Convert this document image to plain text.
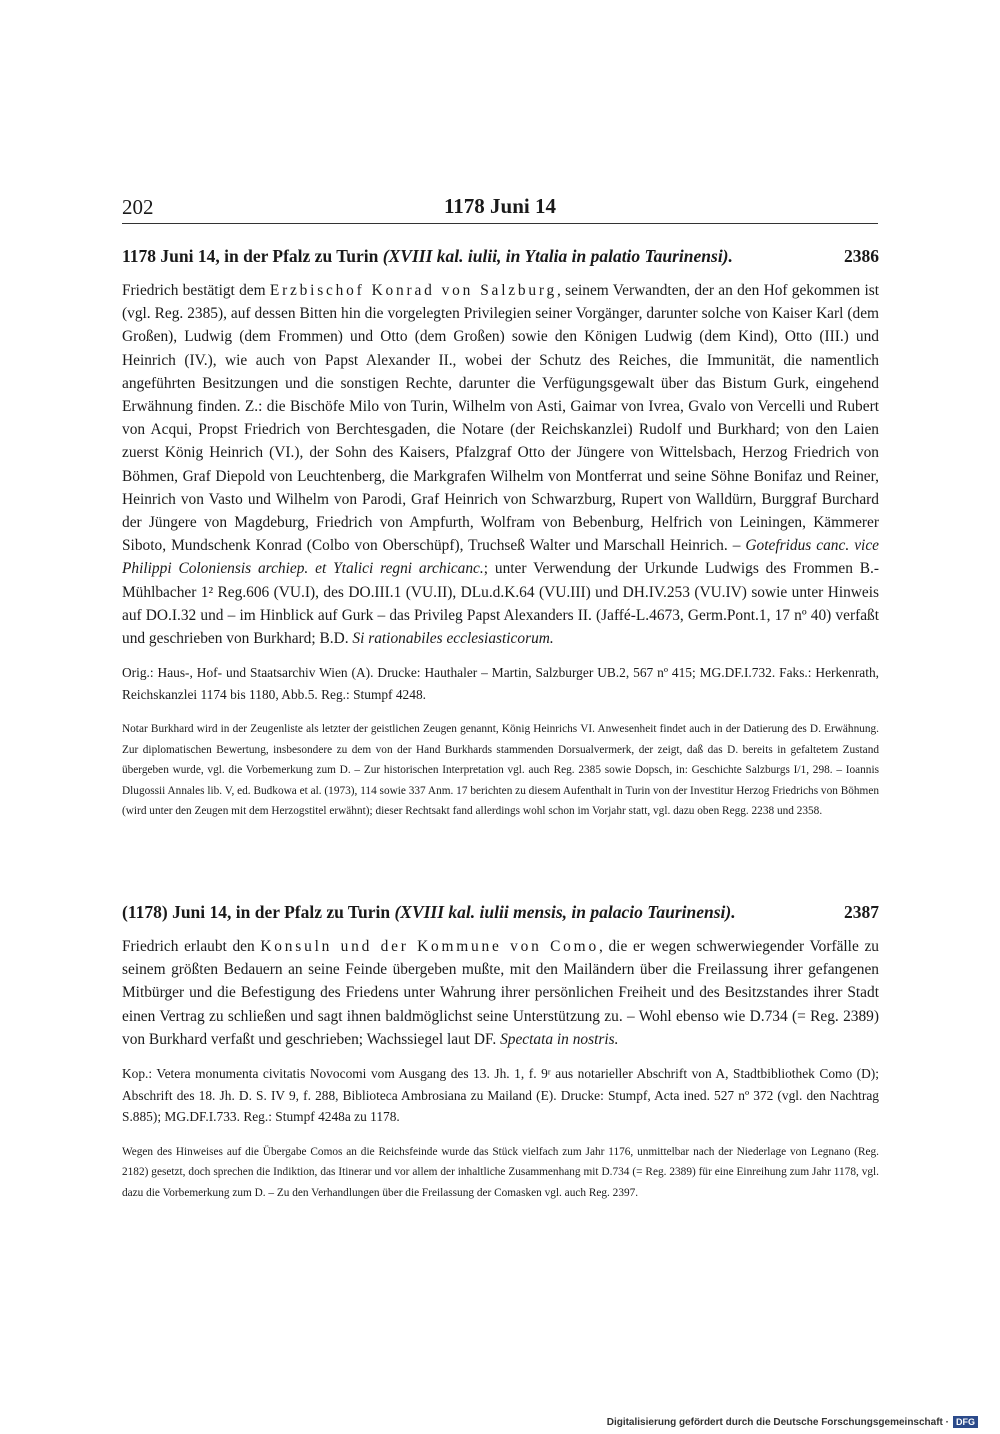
202	1178 Juni 14
1178 Juni 14, in der Pfalz zu Turin (XVIII kal. iulii, in Ytalia in palatio Taurinensi).	2386
Friedrich bestätigt dem Erzbischof Konrad von Salzburg, seinem Verwandten, der an den Hof gekommen ist (vgl. Reg. 2385), auf dessen Bitten hin die vorgelegten Privilegien seiner Vorgänger, darunter solche von Kaiser Karl (dem Großen), Ludwig (dem Frommen) und Otto (dem Großen) sowie den Königen Ludwig (dem Kind), Otto (III.) und Heinrich (IV.), wie auch von Papst Alexander II., wobei der Schutz des Reiches, die Immunität, die namentlich angeführten Besitzungen und die sonstigen Rechte, darunter die Verfügungsgewalt über das Bistum Gurk, eingehend Erwähnung finden. Z.: die Bischöfe Milo von Turin, Wilhelm von Asti, Gaimar von Ivrea, Gvalo von Vercelli und Rubert von Acqui, Propst Friedrich von Berchtesgaden, die Notare (der Reichskanzlei) Rudolf und Burkhard; von den Laien zuerst König Heinrich (VI.), der Sohn des Kaisers, Pfalzgraf Otto der Jüngere von Wittelsbach, Herzog Friedrich von Böhmen, Graf Diepold von Leuchtenberg, die Markgrafen Wilhelm von Montferrat und seine Söhne Bonifaz und Reiner, Heinrich von Vasto und Wilhelm von Parodi, Graf Heinrich von Schwarzburg, Rupert von Walldürn, Burggraf Burchard der Jüngere von Magdeburg, Friedrich von Ampfurth, Wolfram von Bebenburg, Helfrich von Leiningen, Kämmerer Siboto, Mundschenk Konrad (Colbo von Oberschüpf), Truchseß Walter und Marschall Heinrich. – Gotefridus canc. vice Philippi Coloniensis archiep. et Ytalici regni archicanc.; unter Verwendung der Urkunde Ludwigs des Frommen B.-Mühlbacher 1² Reg.606 (VU.I), des DO.III.1 (VU.II), DLu.d.K.64 (VU.III) und DH.IV.253 (VU.IV) sowie unter Hinweis auf DO.I.32 und – im Hinblick auf Gurk – das Privileg Papst Alexanders II. (Jaffé-L.4673, Germ.Pont.1, 17 nº 40) verfaßt und geschrieben von Burkhard; B.D. Si rationabiles ecclesiasticorum.
Orig.: Haus-, Hof- und Staatsarchiv Wien (A). Drucke: Hauthaler – Martin, Salzburger UB.2, 567 nº 415; MG.DF.I.732. Faks.: Herkenrath, Reichskanzlei 1174 bis 1180, Abb.5. Reg.: Stumpf 4248.
Notar Burkhard wird in der Zeugenliste als letzter der geistlichen Zeugen genannt, König Heinrichs VI. Anwesenheit findet auch in der Datierung des D. Erwähnung. Zur diplomatischen Bewertung, insbesondere zu dem von der Hand Burkhards stammenden Dorsualvermerk, der zeigt, daß das D. bereits in gefaltetem Zustand übergeben wurde, vgl. die Vorbemerkung zum D. – Zur historischen Interpretation vgl. auch Reg. 2385 sowie Dopsch, in: Geschichte Salzburgs I/1, 298. – Ioannis Dlugossii Annales lib. V, ed. Budkowa et al. (1973), 114 sowie 337 Anm. 17 berichten zu diesem Aufenthalt in Turin von der Investitur Herzog Friedrichs von Böhmen (wird unter den Zeugen mit dem Herzogstitel erwähnt); dieser Rechtsakt fand allerdings wohl schon im Vorjahr statt, vgl. dazu oben Regg. 2238 und 2358.
(1178) Juni 14, in der Pfalz zu Turin (XVIII kal. iulii mensis, in palacio Taurinensi).	2387
Friedrich erlaubt den Konsuln und der Kommune von Como, die er wegen schwerwiegender Vorfälle zu seinem größten Bedauern an seine Feinde übergeben mußte, mit den Mailändern über die Freilassung ihrer gefangenen Mitbürger und die Befestigung des Friedens unter Wahrung ihrer persönlichen Freiheit und des Besitzstandes ihrer Stadt einen Vertrag zu schließen und sagt ihnen baldmöglichst seine Unterstützung zu. – Wohl ebenso wie D.734 (= Reg. 2389) von Burkhard verfaßt und geschrieben; Wachssiegel laut DF. Spectata in nostris.
Kop.: Vetera monumenta civitatis Novocomi vom Ausgang des 13. Jh. 1, f. 9ʳ aus notarieller Abschrift von A, Stadtbibliothek Como (D); Abschrift des 18. Jh. D. S. IV 9, f. 288, Biblioteca Ambrosiana zu Mailand (E). Drucke: Stumpf, Acta ined. 527 nº 372 (vgl. den Nachtrag S.885); MG.DF.I.733. Reg.: Stumpf 4248a zu 1178.
Wegen des Hinweises auf die Übergabe Comos an die Reichsfeinde wurde das Stück vielfach zum Jahr 1176, unmittelbar nach der Niederlage von Legnano (Reg. 2182) gesetzt, doch sprechen die Indiktion, das Itinerar und vor allem der inhaltliche Zusammenhang mit D.734 (= Reg. 2389) für eine Einreihung zum Jahr 1178, vgl. dazu die Vorbemerkung zum D. – Zu den Verhandlungen über die Freilassung der Comasken vgl. auch Reg. 2397.
Digitalisierung gefördert durch die Deutsche Forschungsgemeinschaft · DFG
